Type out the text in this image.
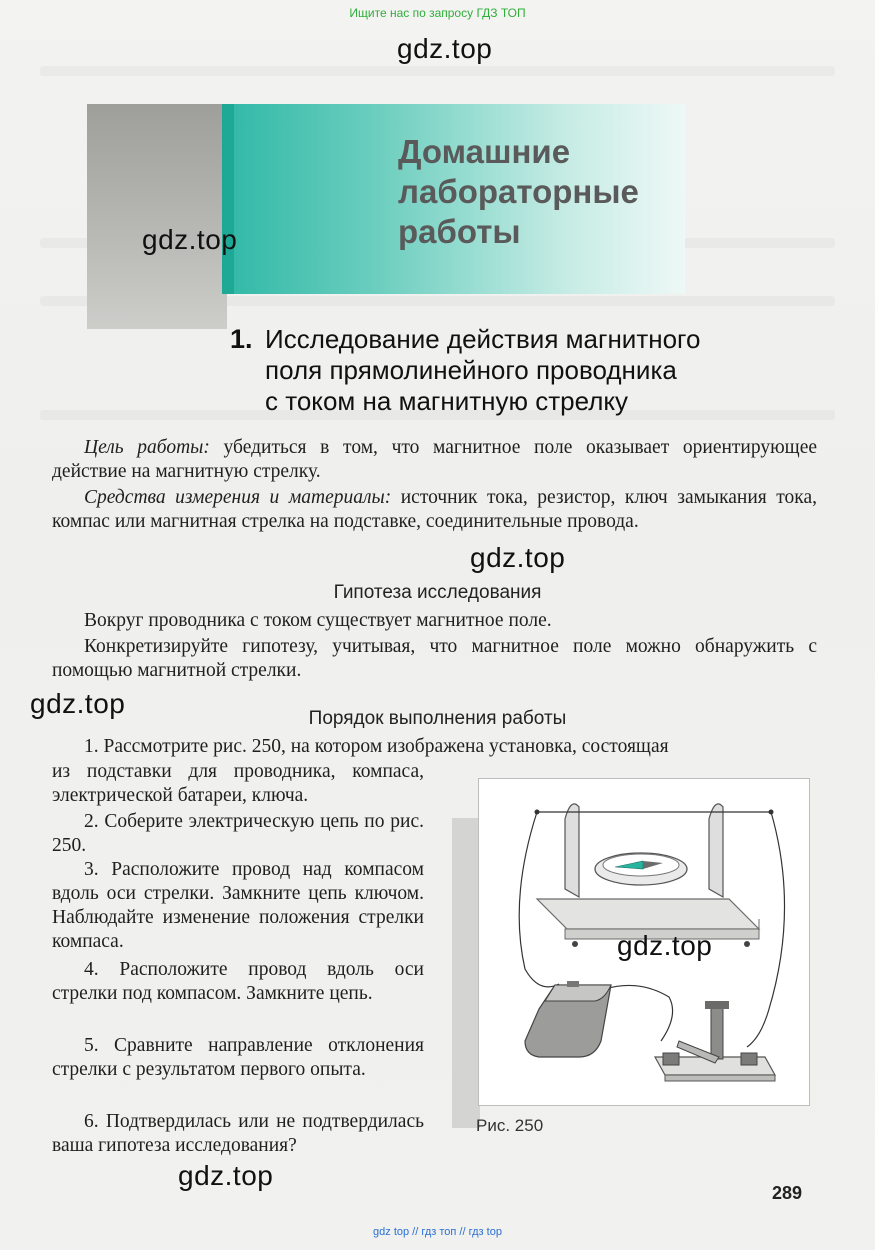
Ищите нас по запросу ГДЗ ТОП
Домашние
лабораторные
работы
1. Исследование действия магнитного
поля прямолинейного проводника
с током на магнитную стрелку
Цель работы: убедиться в том, что магнитное поле оказывает ориентирующее действие на магнитную стрелку.
Средства измерения и материалы: источник тока, резистор, ключ замыкания тока, компас или магнитная стрелка на подставке, соединительные провода.
Гипотеза исследования
Вокруг проводника с током существует магнитное поле.
Конкретизируйте гипотезу, учитывая, что магнитное поле можно обнаружить с помощью магнитной стрелки.
Порядок выполнения работы
1. Рассмотрите рис. 250, на котором изображена установка, состоящая
из подставки для проводника, компаса, электрической батареи, ключа.
2. Соберите электрическую цепь по рис. 250.
3. Расположите провод над компасом вдоль оси стрелки. Замкните цепь ключом. Наблюдайте изменение положения стрелки компаса.
4. Расположите провод вдоль оси стрелки под компасом. Замкните цепь.
5. Сравните направление отклонения стрелки с результатом первого опыта.
6. Подтвердилась или не подтвердилась ваша гипотеза исследования?
Рис. 250
289
gdz.top
gdz.top
gdz.top
gdz.top
gdz.top
gdz.top
gdz top // гдз топ // гдз top
